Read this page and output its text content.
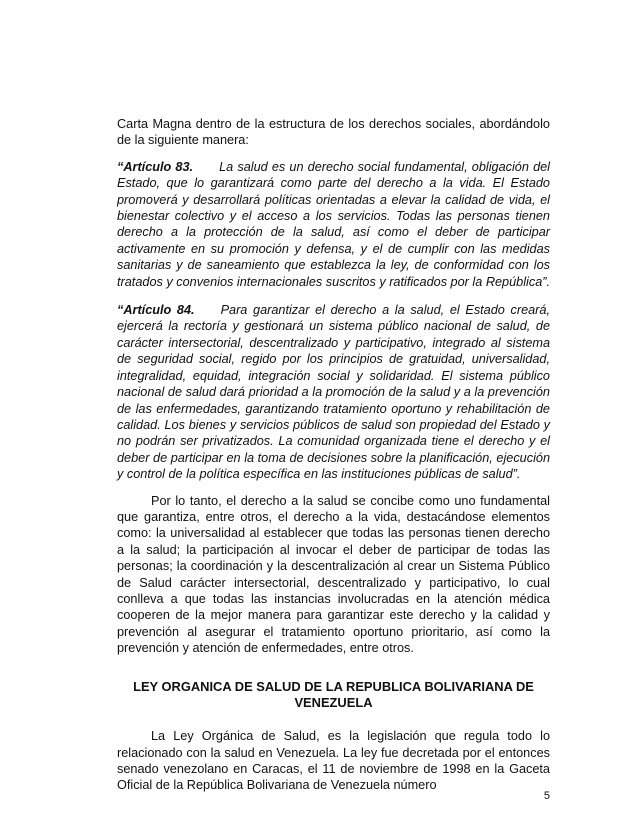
Carta Magna dentro de la estructura de los derechos sociales, abordándolo de la siguiente manera:

“Artículo 83. La salud es un derecho social fundamental, obligación del Estado, que lo garantizará como parte del derecho a la vida. El Estado promoverá y desarrollará políticas orientadas a elevar la calidad de vida, el bienestar colectivo y el acceso a los servicios. Todas las personas tienen derecho a la protección de la salud, así como el deber de participar activamente en su promoción y defensa, y el de cumplir con las medidas sanitarias y de saneamiento que establezca la ley, de conformidad con los tratados y convenios internacionales suscritos y ratificados por la República”.

“Artículo 84. Para garantizar el derecho a la salud, el Estado creará, ejercerá la rectoría y gestionará un sistema público nacional de salud, de carácter intersectorial, descentralizado y participativo, integrado al sistema de seguridad social, regido por los principios de gratuidad, universalidad, integralidad, equidad, integración social y solidaridad. El sistema público nacional de salud dará prioridad a la promoción de la salud y a la prevención de las enfermedades, garantizando tratamiento oportuno y rehabilitación de calidad. Los bienes y servicios públicos de salud son propiedad del Estado y no podrán ser privatizados. La comunidad organizada tiene el derecho y el deber de participar en la toma de decisiones sobre la planificación, ejecución y control de la política específica en las instituciones públicas de salud”.

Por lo tanto, el derecho a la salud se concibe como uno fundamental que garantiza, entre otros, el derecho a la vida, destacándose elementos como: la universalidad al establecer que todas las personas tienen derecho a la salud; la participación al invocar el deber de participar de todas las personas; la coordinación y la descentralización al crear un Sistema Público de Salud carácter intersectorial, descentralizado y participativo, lo cual conlleva a que todas las instancias involucradas en la atención médica cooperen de la mejor manera para garantizar este derecho y la calidad y prevención al asegurar el tratamiento oportuno prioritario, así como la prevención y atención de enfermedades, entre otros.

LEY ORGANICA DE SALUD DE LA REPUBLICA BOLIVARIANA DE VENEZUELA

La Ley Orgánica de Salud, es la legislación que regula todo lo relacionado con la salud en Venezuela. La ley fue decretada por el entonces senado venezolano en Caracas, el 11 de noviembre de 1998 en la Gaceta Oficial de la República Bolivariana de Venezuela número

5
